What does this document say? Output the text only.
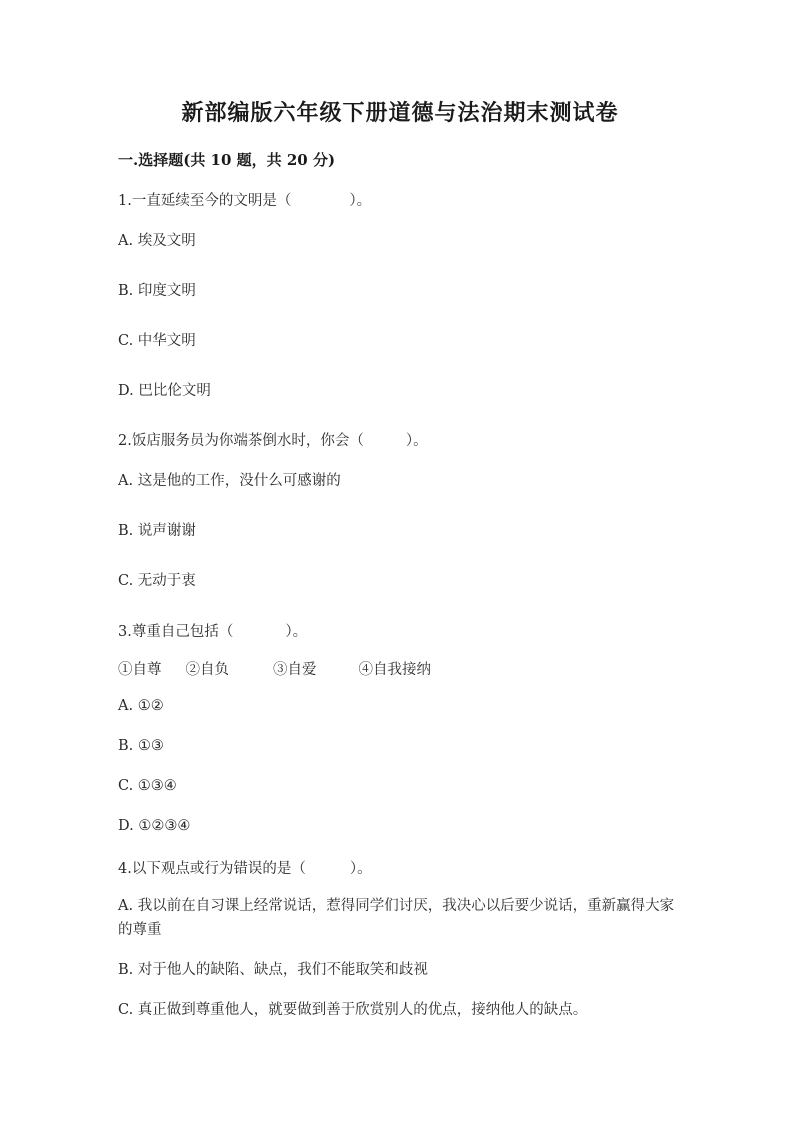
新部编版六年级下册道德与法治期末测试卷
一.选择题(共 10 题，共 20 分)
1.一直延续至今的文明是（	）。
A. 埃及文明
B. 印度文明
C. 中华文明
D. 巴比伦文明
2.饭店服务员为你端茶倒水时，你会（	）。
A. 这是他的工作，没什么可感谢的
B. 说声谢谢
C. 无动于衷
3.尊重自己包括（	）。
①自尊 ②自负	③自爱	④自我接纳
A. ①②
B. ①③
C. ①③④
D. ①②③④
4.以下观点或行为错误的是（	）。
A. 我以前在自习课上经常说话，惹得同学们讨厌，我决心以后要少说话，重新赢得大家的尊重
B. 对于他人的缺陷、缺点，我们不能取笑和歧视
C. 真正做到尊重他人，就要做到善于欣赏别人的优点，接纳他人的缺点。
